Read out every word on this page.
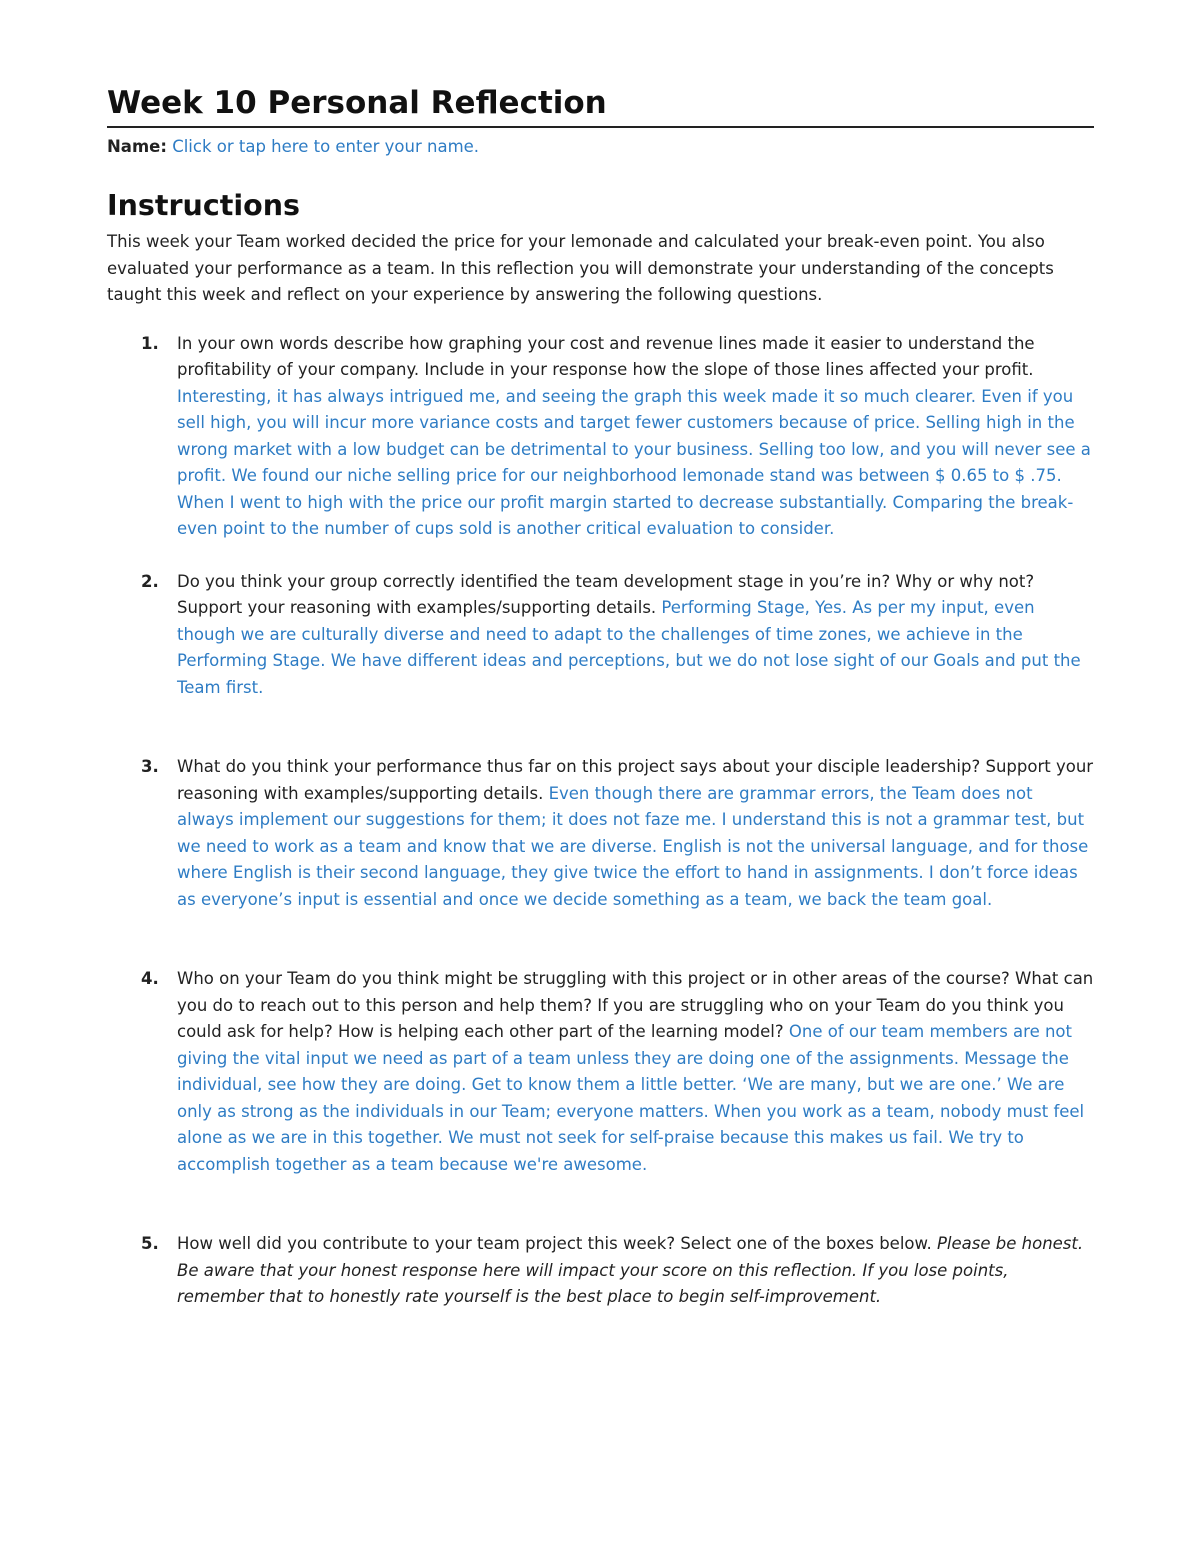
Week 10 Personal Reflection
Name: Click or tap here to enter your name.
Instructions

This week your Team worked decided the price for your lemonade and calculated your break-even point. You also evaluated your performance as a team. In this reflection you will demonstrate your understanding of the concepts taught this week and reflect on your experience by answering the following questions.

1. In your own words describe how graphing your cost and revenue lines made it easier to understand the profitability of your company. Include in your response how the slope of those lines affected your profit. Interesting, it has always intrigued me, and seeing the graph this week made it so much clearer. Even if you sell high, you will incur more variance costs and target fewer customers because of price. Selling high in the wrong market with a low budget can be detrimental to your business. Selling too low, and you will never see a profit. We found our niche selling price for our neighborhood lemonade stand was between $ 0.65 to $ .75. When I went to high with the price our profit margin started to decrease substantially. Comparing the break-even point to the number of cups sold is another critical evaluation to consider.
2. Do you think your group correctly identified the team development stage in you’re in? Why or why not? Support your reasoning with examples/supporting details. Performing Stage, Yes. As per my input, even though we are culturally diverse and need to adapt to the challenges of time zones, we achieve in the Performing Stage. We have different ideas and perceptions, but we do not lose sight of our Goals and put the Team first.
3. What do you think your performance thus far on this project says about your disciple leadership? Support your reasoning with examples/supporting details. Even though there are grammar errors, the Team does not always implement our suggestions for them; it does not faze me. I understand this is not a grammar test, but we need to work as a team and know that we are diverse. English is not the universal language, and for those where English is their second language, they give twice the effort to hand in assignments. I don’t force ideas as everyone’s input is essential and once we decide something as a team, we back the team goal.
4. Who on your Team do you think might be struggling with this project or in other areas of the course? What can you do to reach out to this person and help them? If you are struggling who on your Team do you think you could ask for help? How is helping each other part of the learning model? One of our team members are not giving the vital input we need as part of a team unless they are doing one of the assignments. Message the individual, see how they are doing. Get to know them a little better. ‘We are many, but we are one.’ We are only as strong as the individuals in our Team; everyone matters. When you work as a team, nobody must feel alone as we are in this together. We must not seek for self-praise because this makes us fail. We try to accomplish together as a team because we're awesome.
5. How well did you contribute to your team project this week? Select one of the boxes below. Please be honest. Be aware that your honest response here will impact your score on this reflection. If you lose points, remember that to honestly rate yourself is the best place to begin self-improvement.
